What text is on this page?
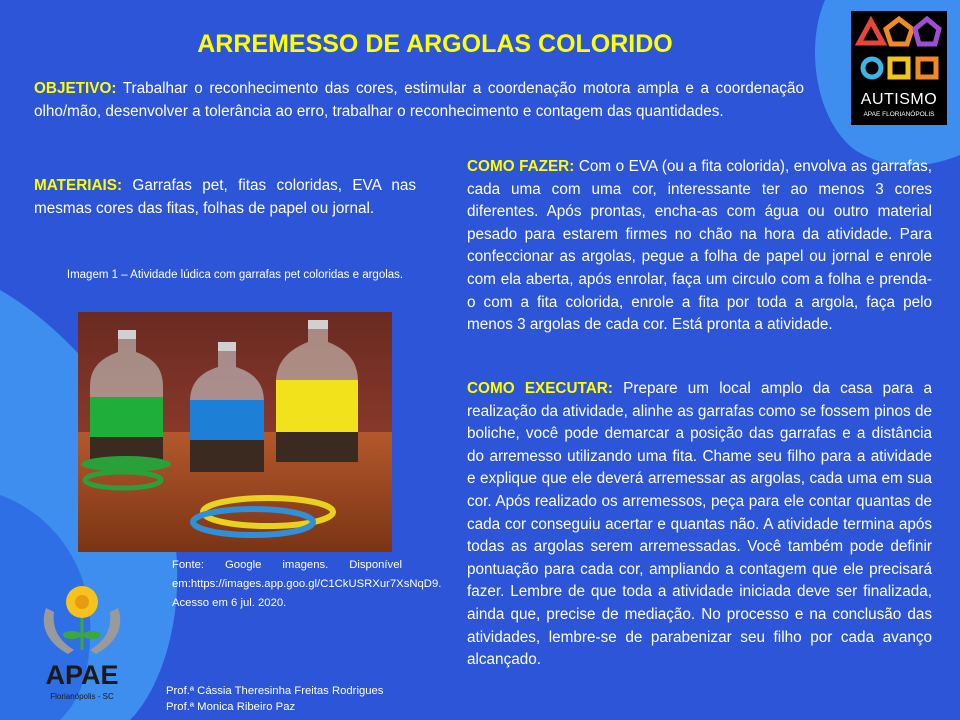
ARREMESSO DE ARGOLAS COLORIDO
OBJETIVO: Trabalhar o reconhecimento das cores, estimular a coordenação motora ampla e a coordenação olho/mão, desenvolver a tolerância ao erro, trabalhar o reconhecimento e contagem das quantidades.
MATERIAIS: Garrafas pet, fitas coloridas, EVA nas mesmas cores das fitas, folhas de papel ou jornal.
Imagem 1 – Atividade lúdica com garrafas pet coloridas e argolas.
Fonte: Google imagens. Disponível em:https://images.app.goo.gl/C1CkUSRXur7XsNqD9. Acesso em 6 jul. 2020.
COMO FAZER: Com o EVA (ou a fita colorida), envolva as garrafas, cada uma com uma cor, interessante ter ao menos 3 cores diferentes. Após prontas, encha-as com água ou outro material pesado para estarem firmes no chão na hora da atividade. Para confeccionar as argolas, pegue a folha de papel ou jornal e enrole com ela aberta, após enrolar, faça um circulo com a folha e prenda-o com a fita colorida, enrole a fita por toda a argola, faça pelo menos 3 argolas de cada cor. Está pronta a atividade.
COMO EXECUTAR: Prepare um local amplo da casa para a realização da atividade, alinhe as garrafas como se fossem pinos de boliche, você pode demarcar a posição das garrafas e a distância do arremesso utilizando uma fita. Chame seu filho para a atividade e explique que ele deverá arremessar as argolas, cada uma em sua cor. Após realizado os arremessos, peça para ele contar quantas de cada cor conseguiu acertar e quantas não. A atividade termina após todas as argolas serem arremessadas. Você também pode definir pontuação para cada cor, ampliando a contagem que ele precisará fazer. Lembre de que toda a atividade iniciada deve ser finalizada, ainda que, precise de mediação. No processo e na conclusão das atividades, lembre-se de parabenizar seu filho por cada avanço alcançado.
AUTISMO
APAE FLORIANÓPOLIS
APAE
Florianópolis - SC	Prof.ª Cássia Theresinha Freitas Rodrigues
Prof.ª Monica Ribeiro Paz
